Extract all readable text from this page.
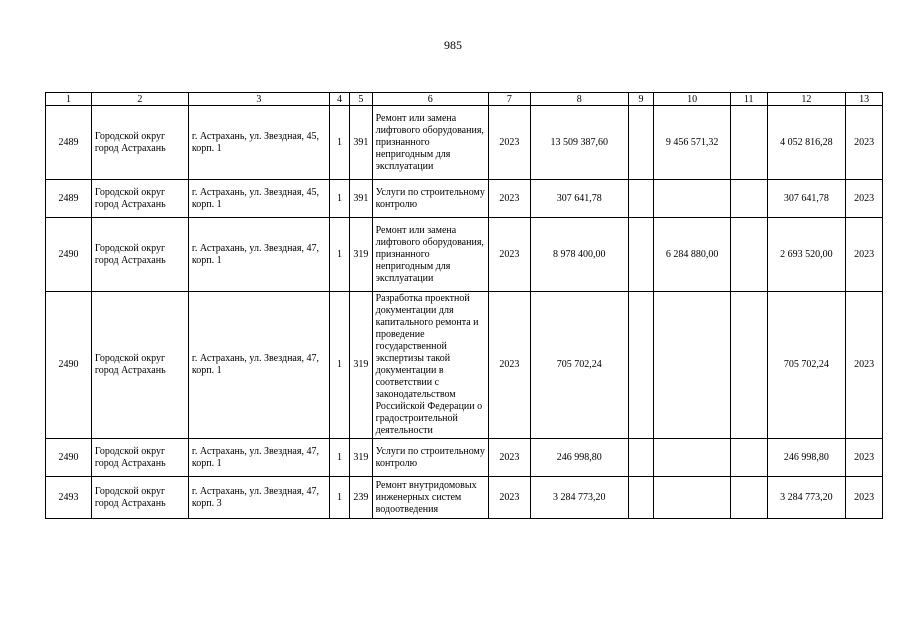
985
1	2	3	4	5	6	7	8	9	10	11	12	13
2489	Городской округ город Астрахань	г. Астрахань, ул. Звездная, 45, корп. 1	1	391	Ремонт или замена лифтового оборудования, признанного непригодным для эксплуатации	2023	13 509 387,60		9 456 571,32		4 052 816,28	2023
2489	Городской округ город Астрахань	г. Астрахань, ул. Звездная, 45, корп. 1	1	391	Услуги по строительному контролю	2023	307 641,78				307 641,78	2023
2490	Городской округ город Астрахань	г. Астрахань, ул. Звездная, 47, корп. 1	1	319	Ремонт или замена лифтового оборудования, признанного непригодным для эксплуатации	2023	8 978 400,00		6 284 880,00		2 693 520,00	2023
2490	Городской округ город Астрахань	г. Астрахань, ул. Звездная, 47, корп. 1	1	319	Разработка проектной документации для капитального ремонта и проведение государственной экспертизы такой документации в соответствии с законодательством Российской Федерации о градостроительной деятельности	2023	705 702,24				705 702,24	2023
2490	Городской округ город Астрахань	г. Астрахань, ул. Звездная, 47, корп. 1	1	319	Услуги по строительному контролю	2023	246 998,80				246 998,80	2023
2493	Городской округ город Астрахань	г. Астрахань, ул. Звездная, 47, корп. 3	1	239	Ремонт внутридомовых инженерных систем водоотведения	2023	3 284 773,20				3 284 773,20	2023
